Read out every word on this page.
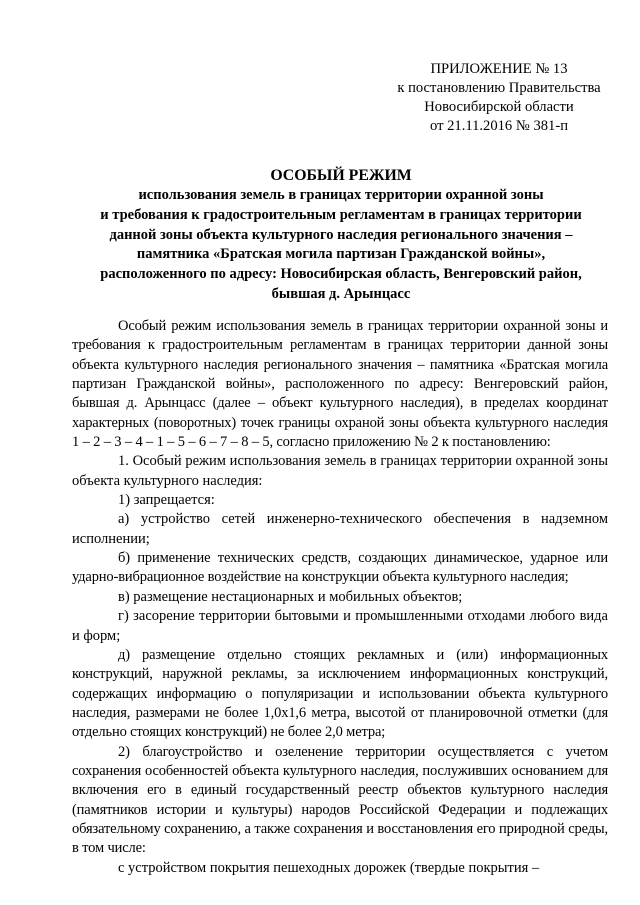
ПРИЛОЖЕНИЕ № 13
к постановлению Правительства
Новосибирской области
от 21.11.2016 № 381-п
ОСОБЫЙ РЕЖИМ
использования земель в границах территории охранной зоны
и требования к градостроительным регламентам в границах территории
данной зоны объекта культурного наследия регионального значения –
памятника «Братская могила партизан Гражданской войны»,
расположенного по адресу: Новосибирская область, Венгеровский район,
бывшая д. Арынцасс

Особый режим использования земель в границах территории охранной зоны и требования к градостроительным регламентам в границах территории данной зоны объекта культурного наследия регионального значения – памятника «Братская могила партизан Гражданской войны», расположенного по адресу: Венгеровский район, бывшая д. Арынцасс (далее – объект культурного наследия), в пределах координат характерных (поворотных) точек границы охраной зоны объекта культурного наследия 1 – 2 – 3 – 4 – 1 – 5 – 6 – 7 – 8 – 5, согласно приложению № 2 к постановлению:

1. Особый режим использования земель в границах территории охранной зоны объекта культурного наследия:

1) запрещается:

а) устройство сетей инженерно-технического обеспечения в надземном исполнении;

б) применение технических средств, создающих динамическое, ударное или ударно-вибрационное воздействие на конструкции объекта культурного наследия;

в) размещение нестационарных и мобильных объектов;

г) засорение территории бытовыми и промышленными отходами любого вида и форм;

д) размещение отдельно стоящих рекламных и (или) информационных конструкций, наружной рекламы, за исключением информационных конструкций, содержащих информацию о популяризации и использовании объекта культурного наследия, размерами не более 1,0х1,6 метра, высотой от планировочной отметки (для отдельно стоящих конструкций) не более 2,0 метра;

2) благоустройство и озеленение территории осуществляется с учетом сохранения особенностей объекта культурного наследия, послуживших основанием для включения его в единый государственный реестр объектов культурного наследия (памятников истории и культуры) народов Российской Федерации и подлежащих обязательному сохранению, а также сохранения и восстановления его природной среды, в том числе:

с устройством покрытия пешеходных дорожек (твердые покрытия –
